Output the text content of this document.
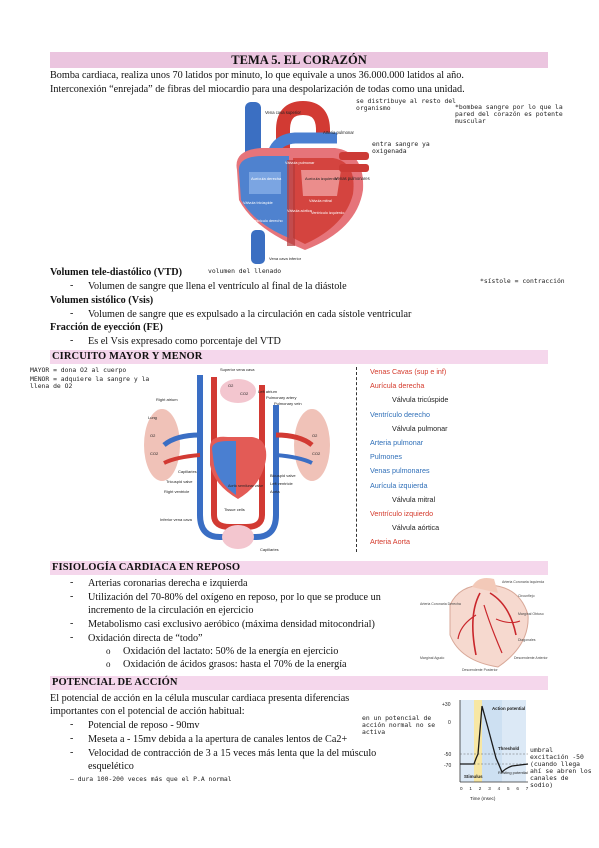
TEMA 5. EL CORAZÓN
Bomba cardiaca, realiza unos 70 latidos por minuto, lo que equivale a unos 36.000.000 latidos al año.
Interconexión “enrejada” de fibras del miocardio para una despolarización de todas como una unidad.
Vena cava superior
Aorta
Arteria pulmonar
Venas pulmonares
Aurícula derecha	Aurícula izquierda
Válvula pulmonar
Válvula mitral
Válvula tricúspide
Válvula aórtica
Ventrículo derecho
Ventrículo izquierdo
Vena cava inferior
se distribuye al resto del organismo	*bombea sangre por lo que la pared del corazón es potente muscular
entra sangre ya oxigenada
Volumen tele-diastólico (VTD)	volumen del llenado
*sístole = contracción
- Volumen de sangre que llena el ventrículo al final de la diástole
Volumen sistólico (Vsis)
- Volumen de sangre que es expulsado a la circulación en cada sístole ventricular
Fracción de eyección (FE)
- Es el Vsis expresado como porcentaje del VTD
CIRCUITO MAYOR Y MENOR
MAYOR = dona O2 al cuerpo
MENOR = adquiere la sangre y la llena de O2
Superior vena cava
Left atrium
Pulmonary artery
Pulmonary vein
Right atrium
Lung
Capillaries
Tricuspid valve
Right ventricle
Aortic semilunar valve
Bicuspid valve
Left ventricle
Aorta
Inferior vena cava
Tissue cells
Capillaries
O2
CO2
O2
CO2
O2
CO2
Venas Cavas (sup e inf)
Aurícula derecha
Válvula tricúspide
Ventrículo derecho
Válvula pulmonar
Arteria pulmonar
Pulmones
Venas pulmonares
Aurícula izquierda
Válvula mitral
Ventrículo izquierdo
Válvula aórtica
Arteria Aorta
FISIOLOGÍA CARDIACA EN REPOSO
- Arterias coronarias derecha e izquierda
- Utilización del 70-80% del oxígeno en reposo, por lo que se produce un
incremento de la circulación en ejercicio
- Metabolismo casi exclusivo aeróbico (máxima densidad mitocondrial)
- Oxidación directa de “todo”
o Oxidación del lactato: 50% de la energía en ejercicio
o Oxidación de ácidos grasos: hasta el 70% de la energía
Arteria Coronaria Derecha
Arteria Coronaria Izquierda
Circunflejo
Marginal Obtuso
Diagonales
Marginal Agudo	Descendente Anterior
Descendente Posterior
POTENCIAL DE ACCIÓN
El potencial de acción en la célula muscular cardiaca presenta diferencias
importantes con el potencial de acción habitual:
- Potencial de reposo - 90mv
en un potencial de acción normal no se activa
- Meseta a - 15mv debida a la apertura de canales lentos de Ca2+
- Velocidad de contracción de 3 a 15 veces más lenta que la del músculo
esquelético
— dura 100-200 veces más que el P.A normal
umbral excitación -50 (cuando llega ahí se abren los canales de sodio)
+30
0
-50
-70
0 1 2 3 4 5 6 7
Time (msec)
Action potential
Threshold
Stimulus
Resting potential
